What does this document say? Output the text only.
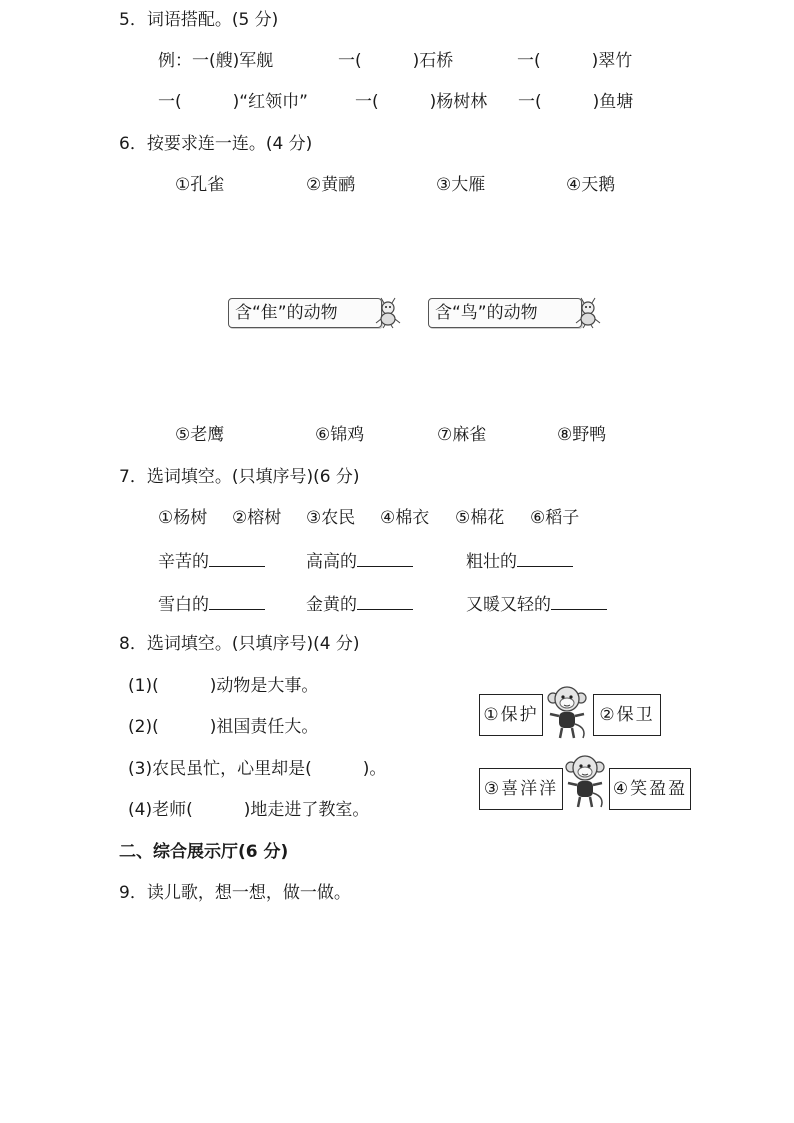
5．词语搭配。(5 分)
例：一(艘)军舰	一(　　　)石桥	一(　　　)翠竹
一(　　　)“红领巾”	一(　　　)杨树林 一(　　　)鱼塘
6．按要求连一连。(4 分)
①孔雀	②黄鹂	③大雁	④天鹅
含“隹”的动物	含“鸟”的动物
⑤老鹰	⑥锦鸡	⑦麻雀	⑧野鸭
7．选词填空。(只填序号)(6 分)
①杨树 ②榕树 ③农民 ④棉衣 ⑤棉花 ⑥稻子
辛苦的	高高的	粗壮的
雪白的	金黄的	又暖又轻的
8．选词填空。(只填序号)(4 分)
(1)(　　　)动物是大事。
(2)(　　　)祖国责任大。
(3)农民虽忙，心里却是(　　　)。
(4)老师(　　　)地走进了教室。
①保护	②保卫
③喜洋洋	④笑盈盈
二、综合展示厅(6 分)
9．读儿歌，想一想，做一做。
